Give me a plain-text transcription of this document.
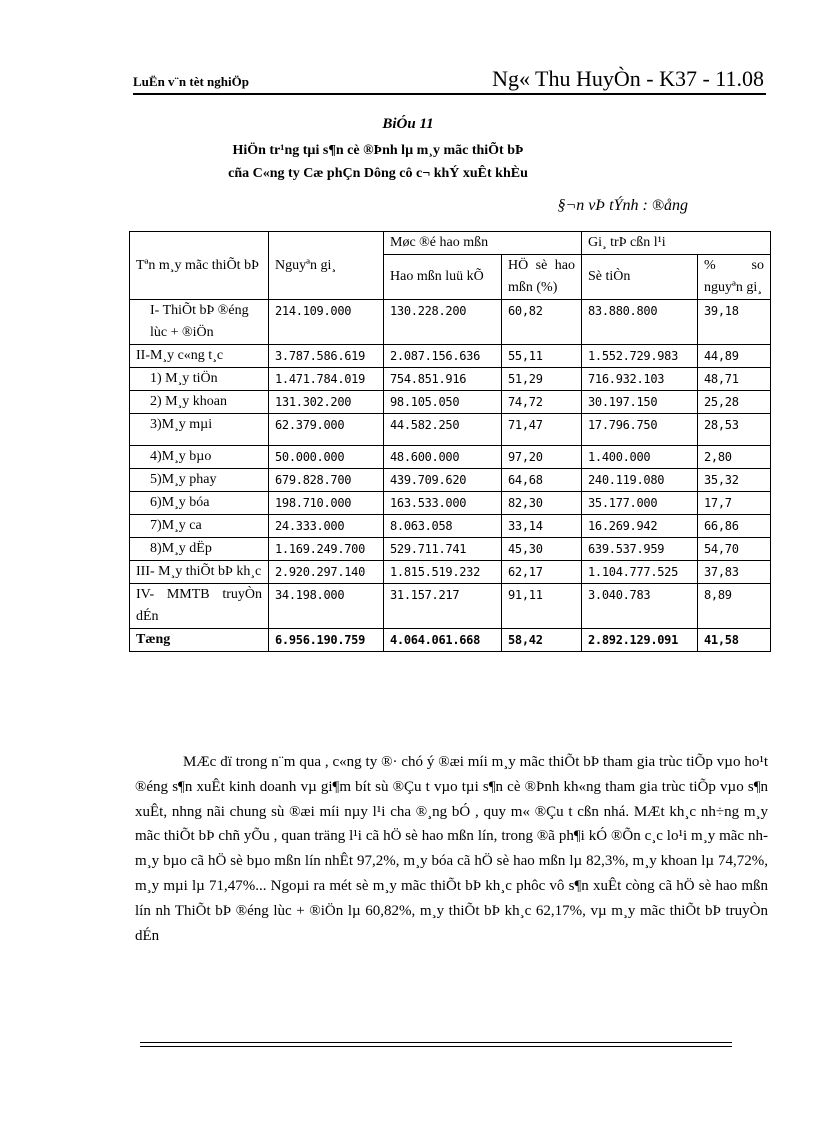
LuËn v¨n tèt nghiÖp	Ng« Thu HuyÒn - K37 - 11.08
BiÓu 11
HiÖn tr¹ng tµi s¶n cè ®Þnh lµ m¸y mãc thiÕt bÞ
cña C«ng ty Cæ phÇn Dông cô c¬ khÝ xuÊt khÈu
§¬n vÞ tÝnh : ®ång
Tªn m¸y mãc thiÕt bÞ	Nguyªn gi¸	Møc ®é hao mßn		Gi¸ trÞ cßn l¹i	
		Hao mßn luü kÕ	HÖ sè hao mßn (%)	Sè tiÒn	% so nguyªn gi¸
I- ThiÕt bÞ ®éng lùc + ®iÖn	214.109.000	130.228.200	60,82	83.880.800	39,18
II-M¸y c«ng t¸c	3.787.586.619	2.087.156.636	55,11	1.552.729.983	44,89
1) M¸y tiÖn	1.471.784.019	754.851.916	51,29	716.932.103	48,71
2) M¸y khoan	131.302.200	98.105.050	74,72	30.197.150	25,28
3)M¸y mµi	62.379.000	44.582.250	71,47	17.796.750	28,53
4)M¸y bµo	50.000.000	48.600.000	97,20	1.400.000	2,80
5)M¸y phay	679.828.700	439.709.620	64,68	240.119.080	35,32
6)M¸y bóa	198.710.000	163.533.000	82,30	35.177.000	17,7
7)M¸y ca	24.333.000	8.063.058	33,14	16.269.942	66,86
8)M¸y dËp	1.169.249.700	529.711.741	45,30	639.537.959	54,70
III- M¸y thiÕt bÞ kh¸c	2.920.297.140	1.815.519.232	62,17	1.104.777.525	37,83
IV- MMTB truyÒn dÉn	34.198.000	31.157.217	91,11	3.040.783	8,89
Tæng	6.956.190.759	4.064.061.668	58,42	2.892.129.091	41,58
MÆc dï trong n¨m qua , c«ng ty ®· chó ý ®æi míi m¸y mãc thiÕt bÞ tham gia trùc tiÕp vµo ho¹t ®éng s¶n xuÊt kinh doanh vµ gi¶m bít sù ®Çu t vµo tµi s¶n cè ®Þnh kh«ng tham gia trùc tiÕp vµo s¶n xuÊt, nhng nãi chung sù ®æi míi nµy l¹i cha ®¸ng bÓ , quy m« ®Çu t cßn nhá. MÆt kh¸c nh÷ng m¸y mãc thiÕt bÞ chñ yÕu , quan träng l¹i cã hÖ sè hao mßn lín, trong ®ã ph¶i kÓ ®Õn c¸c lo¹i m¸y mãc nh m¸y bµo cã hÖ sè bµo mßn lín nhÊt 97,2%, m¸y bóa cã hÖ sè hao mßn lµ 82,3%, m¸y khoan lµ 74,72%, m¸y mµi lµ 71,47%... Ngoµi ra mét sè m¸y mãc thiÕt bÞ kh¸c phôc vô s¶n xuÊt còng cã hÖ sè hao mßn lín nh ThiÕt bÞ ®éng lùc + ®iÖn lµ 60,82%, m¸y thiÕt bÞ kh¸c 62,17%, vµ m¸y mãc thiÕt bÞ truyÒn dÉn
